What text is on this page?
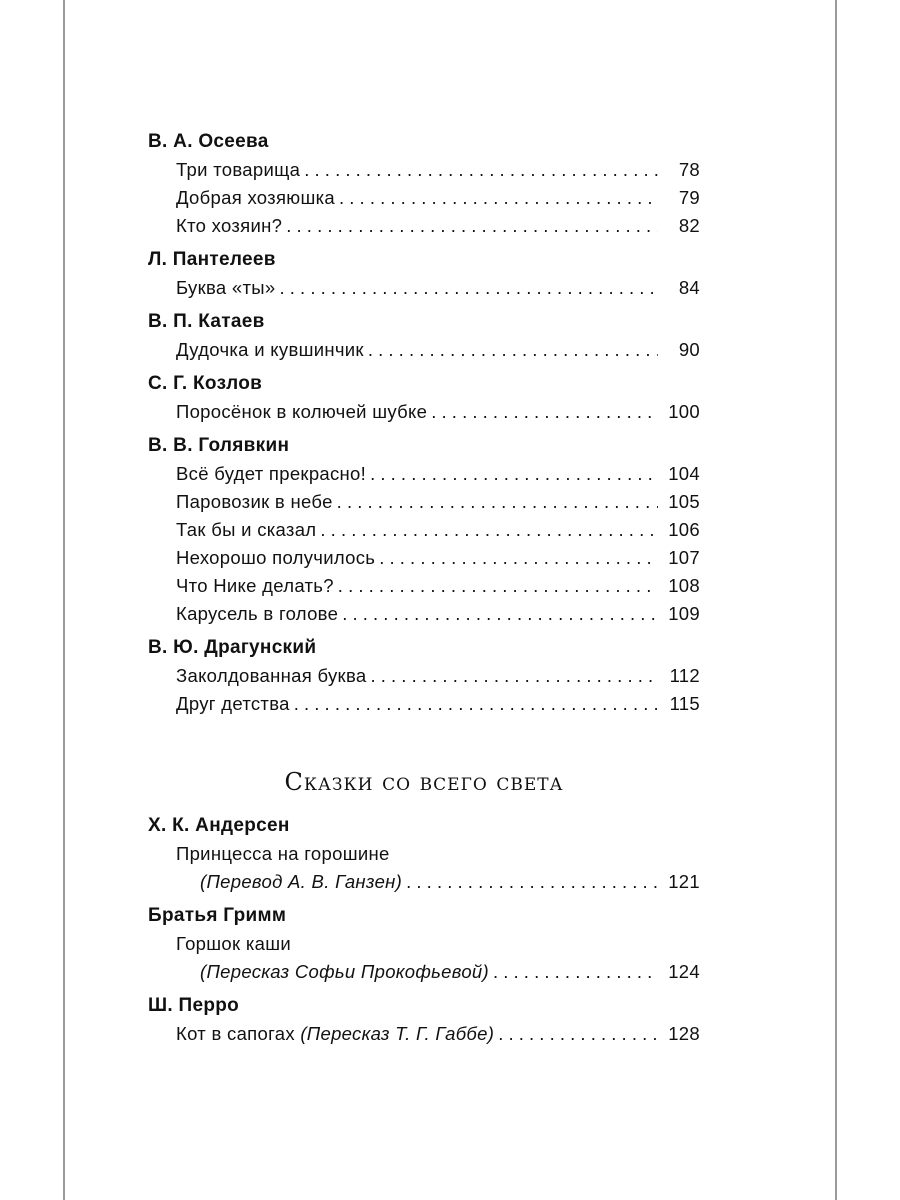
В. А. Осеева
Три товарища . . .	78
Добрая хозяюшка . . .	79
Кто хозяин? . . .	82
Л. Пантелеев
Буква «ты» . . .	84
В. П. Катаев
Дудочка и кувшинчик . . .	90
С. Г. Козлов
Поросёнок в колючей шубке . . .	100
В. В. Голявкин
Всё будет прекрасно! . . .	104
Паровозик в небе . . .	105
Так бы и сказал . . .	106
Нехорошо получилось . . .	107
Что Нике делать? . . .	108
Карусель в голове . . .	109
В. Ю. Драгунский
Заколдованная буква . . .	112
Друг детства . . .	115
Сказки со всего света
Х. К. Андерсен
Принцесса на горошине
(Перевод А. В. Ганзен) . . .	121
Братья Гримм
Горшок каши
(Пересказ Софьи Прокофьевой) . . .	124
Ш. Перро
Кот в сапогах
(Пересказ Т. Г. Габбе) . . .	128
